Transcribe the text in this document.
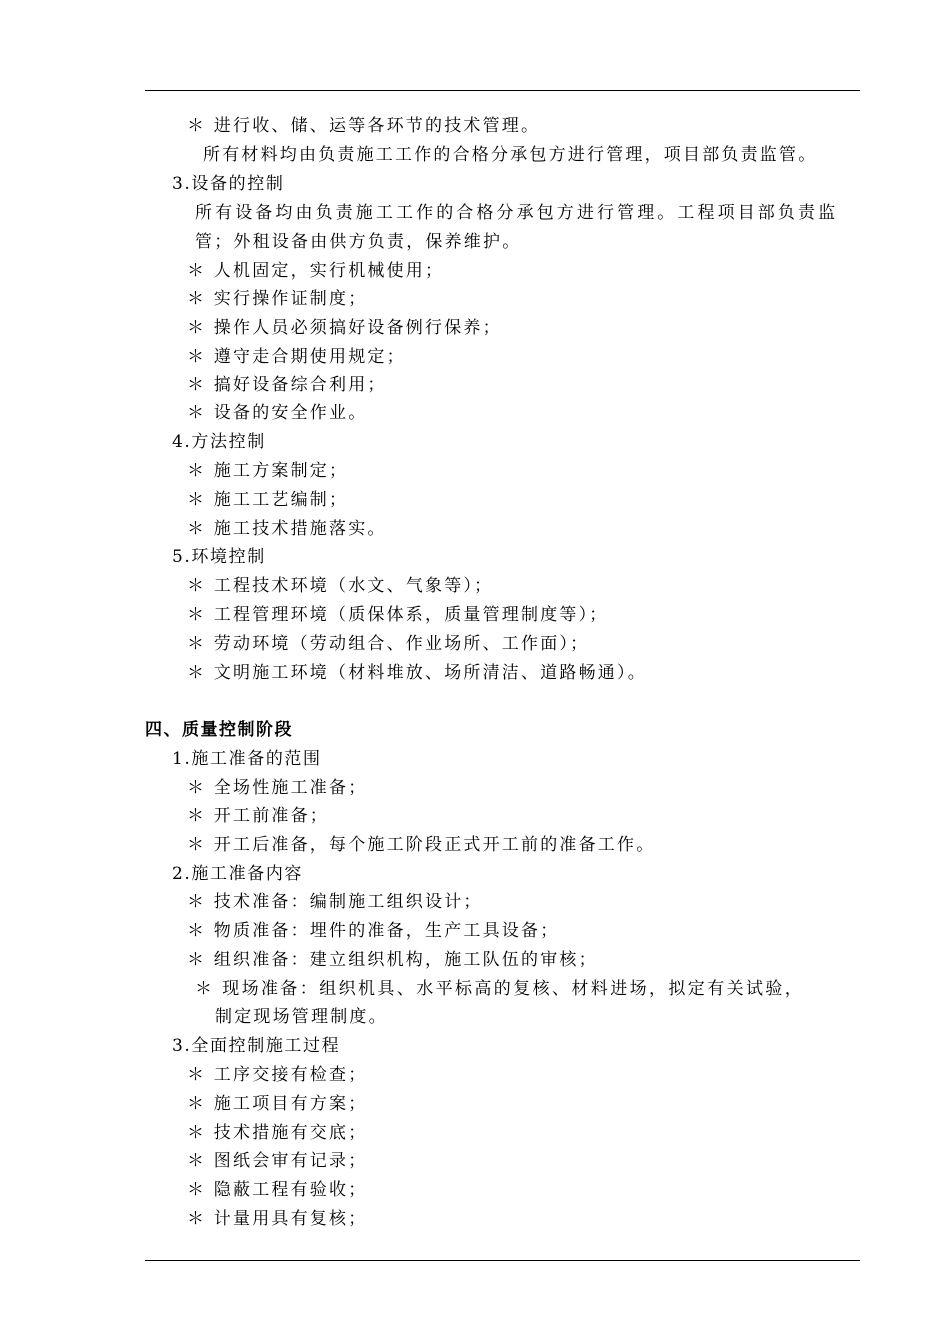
＊ 进行收、储、运等各环节的技术管理。
所有材料均由负责施工工作的合格分承包方进行管理，项目部负责监管。
3.设备的控制
所有设备均由负责施工工作的合格分承包方进行管理。工程项目部负责监
管；外租设备由供方负责，保养维护。
＊ 人机固定，实行机械使用；
＊ 实行操作证制度；
＊ 操作人员必须搞好设备例行保养；
＊ 遵守走合期使用规定；
＊ 搞好设备综合利用；
＊ 设备的安全作业。
4.方法控制
＊ 施工方案制定；
＊ 施工工艺编制；
＊ 施工技术措施落实。
5.环境控制
＊ 工程技术环境（水文、气象等）；
＊ 工程管理环境（质保体系，质量管理制度等）；
＊ 劳动环境（劳动组合、作业场所、工作面）；
＊ 文明施工环境（材料堆放、场所清洁、道路畅通）。
四、质量控制阶段
1.施工准备的范围
＊ 全场性施工准备；
＊ 开工前准备；
＊ 开工后准备，每个施工阶段正式开工前的准备工作。
2.施工准备内容
＊ 技术准备：编制施工组织设计；
＊ 物质准备：埋件的准备，生产工具设备；
＊ 组织准备：建立组织机构，施工队伍的审核；
＊ 现场准备：组织机具、水平标高的复核、材料进场，拟定有关试验，
制定现场管理制度。
3.全面控制施工过程
＊ 工序交接有检查；
＊ 施工项目有方案；
＊ 技术措施有交底；
＊ 图纸会审有记录；
＊ 隐蔽工程有验收；
＊ 计量用具有复核；
